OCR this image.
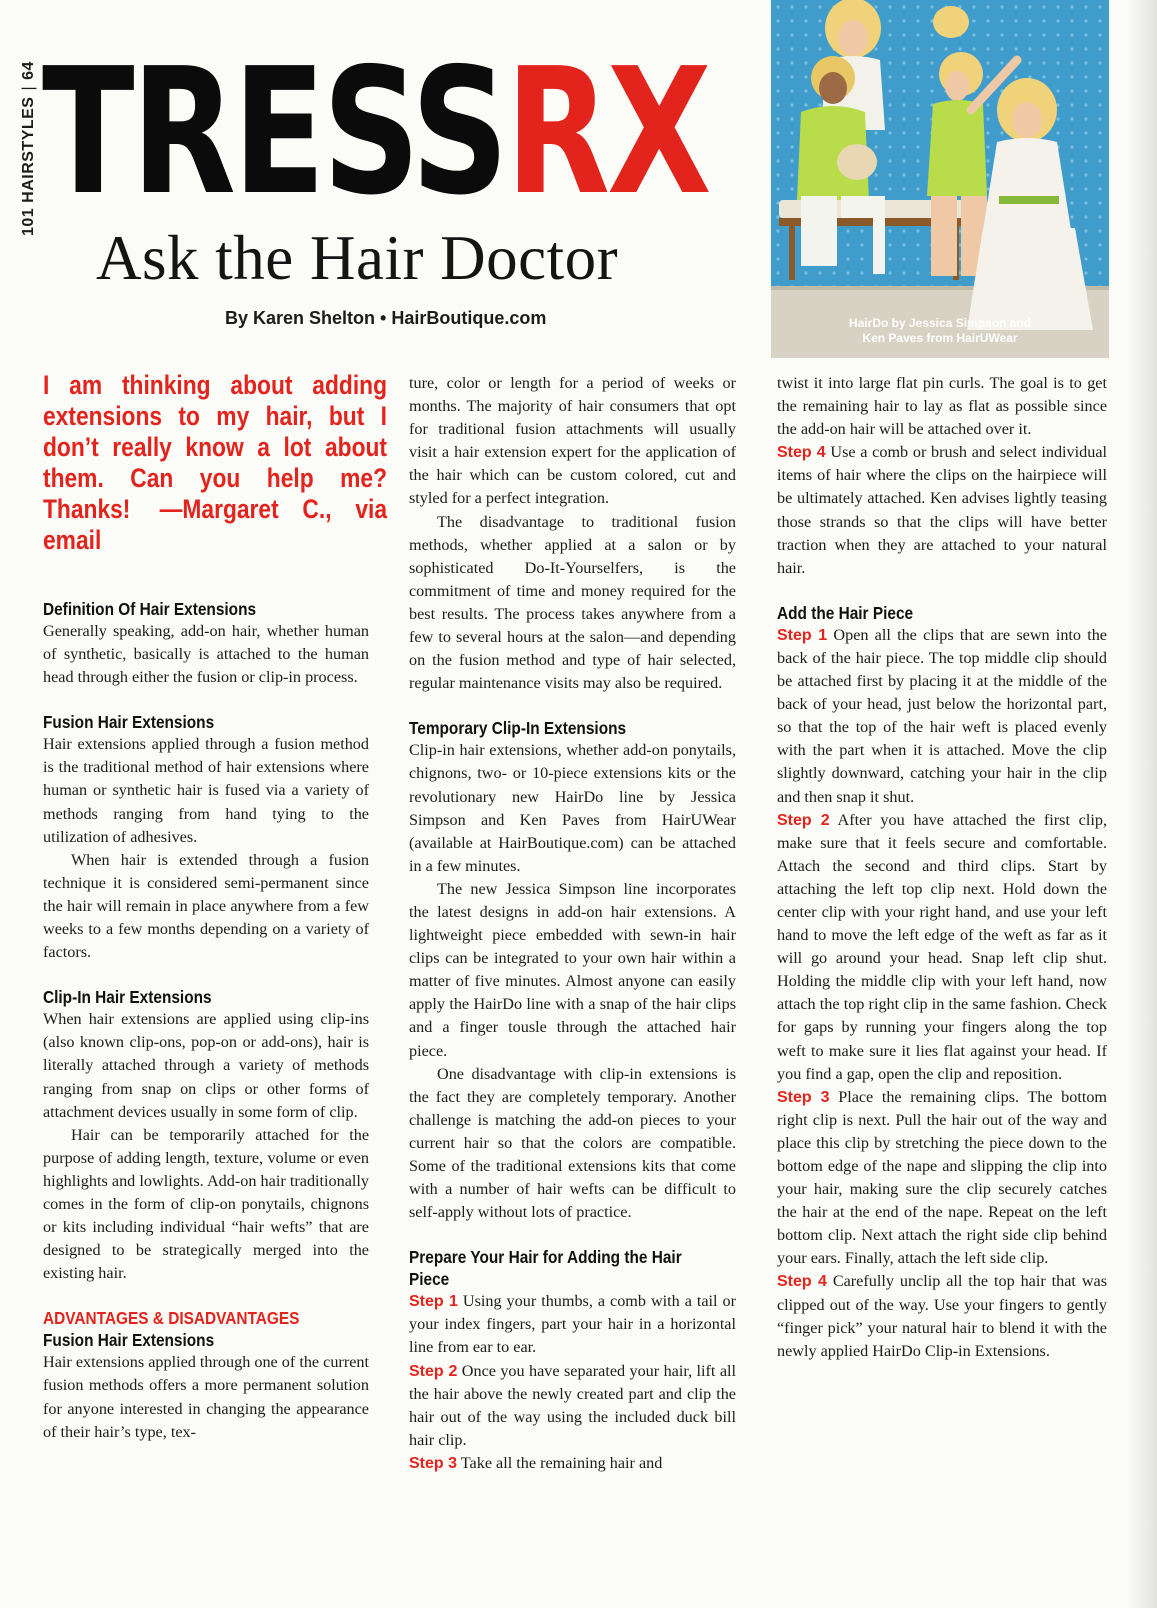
101 HAIRSTYLES|64 TRESSRX
Ask the Hair Doctor
By Karen Shelton • HairBoutique.com	HairDo by Jessica Simpson and
Ken Paves from HairUWear
I am thinking about adding extensions to my hair, but I don’t really know a lot about them. Can you help me? Thanks! —Margaret C., via email
Definition Of Hair Extensions

Generally speaking, add-on hair, whether human of synthetic, basically is attached to the human head through either the fusion or clip-in process.

Fusion Hair Extensions

Hair extensions applied through a fusion method is the traditional method of hair extensions where human or synthetic hair is fused via a variety of methods ranging from hand tying to the utilization of adhesives.

When hair is extended through a fusion technique it is considered semi-permanent since the hair will remain in place anywhere from a few weeks to a few months depending on a variety of factors.

Clip-In Hair Extensions

When hair extensions are applied using clip-ins (also known clip-ons, pop-on or add-ons), hair is literally attached through a variety of methods ranging from snap on clips or other forms of attachment devices usually in some form of clip.

Hair can be temporarily attached for the purpose of adding length, texture, volume or even highlights and lowlights. Add-on hair traditionally comes in the form of clip-on ponytails, chignons or kits including individual “hair wefts” that are designed to be strategically merged into the existing hair.

ADVANTAGES & DISADVANTAGES
Fusion Hair Extensions

Hair extensions applied through one of the current fusion methods offers a more permanent solution for anyone interested in changing the appearance of their hair’s type, tex-

ture, color or length for a period of weeks or months. The majority of hair consumers that opt for traditional fusion attachments will usually visit a hair extension expert for the application of the hair which can be custom colored, cut and styled for a perfect integration.

The disadvantage to traditional fusion methods, whether applied at a salon or by sophisticated Do-It-Yourselfers, is the commitment of time and money required for the best results. The process takes anywhere from a few to several hours at the salon—and depending on the fusion method and type of hair selected, regular maintenance visits may also be required.

Temporary Clip-In Extensions

Clip-in hair extensions, whether add-on ponytails, chignons, two- or 10-piece extensions kits or the revolutionary new HairDo line by Jessica Simpson and Ken Paves from HairUWear (available at HairBoutique.com) can be attached in a few minutes.

The new Jessica Simpson line incorporates the latest designs in add-on hair extensions. A lightweight piece embedded with sewn-in hair clips can be integrated to your own hair within a matter of five minutes. Almost anyone can easily apply the HairDo line with a snap of the hair clips and a finger tousle through the attached hair piece.

One disadvantage with clip-in extensions is the fact they are completely temporary. Another challenge is matching the add-on pieces to your current hair so that the colors are compatible. Some of the traditional extensions kits that come with a number of hair wefts can be difficult to self-apply without lots of practice.

Prepare Your Hair for Adding the Hair Piece

Step 1 Using your thumbs, a comb with a tail or your index fingers, part your hair in a horizontal line from ear to ear.

Step 2 Once you have separated your hair, lift all the hair above the newly created part and clip the hair out of the way using the included duck bill hair clip.

Step 3 Take all the remaining hair and

twist it into large flat pin curls. The goal is to get the remaining hair to lay as flat as possible since the add-on hair will be attached over it.

Step 4 Use a comb or brush and select individual items of hair where the clips on the hairpiece will be ultimately attached. Ken advises lightly teasing those strands so that the clips will have better traction when they are attached to your natural hair.

Add the Hair Piece

Step 1 Open all the clips that are sewn into the back of the hair piece. The top middle clip should be attached first by placing it at the middle of the back of your head, just below the horizontal part, so that the top of the hair weft is placed evenly with the part when it is attached. Move the clip slightly downward, catching your hair in the clip and then snap it shut.

Step 2 After you have attached the first clip, make sure that it feels secure and comfortable. Attach the second and third clips. Start by attaching the left top clip next. Hold down the center clip with your right hand, and use your left hand to move the left edge of the weft as far as it will go around your head. Snap left clip shut. Holding the middle clip with your left hand, now attach the top right clip in the same fashion. Check for gaps by running your fingers along the top weft to make sure it lies flat against your head. If you find a gap, open the clip and reposition.

Step 3 Place the remaining clips. The bottom right clip is next. Pull the hair out of the way and place this clip by stretching the piece down to the bottom edge of the nape and slipping the clip into your hair, making sure the clip securely catches the hair at the end of the nape. Repeat on the left bottom clip. Next attach the right side clip behind your ears. Finally, attach the left side clip.

Step 4 Carefully unclip all the top hair that was clipped out of the way. Use your fingers to gently “finger pick” your natural hair to blend it with the newly applied HairDo Clip-in Extensions.
